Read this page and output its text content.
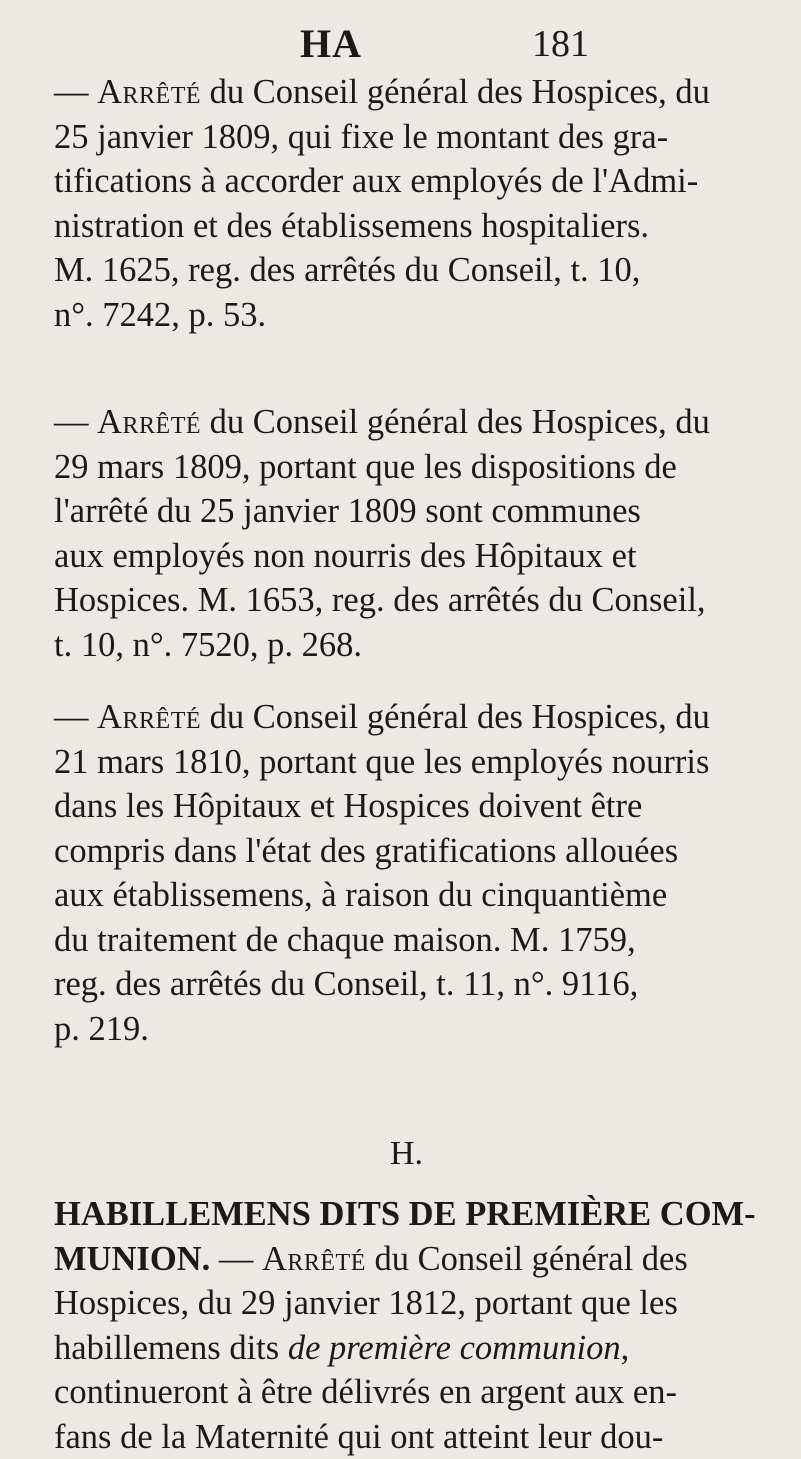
HA	181
— Arrêté du Conseil général des Hospices, du
25 janvier 1809, qui fixe le montant des gra-
tifications à accorder aux employés de l'Admi-
nistration et des établissemens hospitaliers.
M. 1625, reg. des arrêtés du Conseil, t. 10,
n°. 7242, p. 53.
— Arrêté du Conseil général des Hospices, du
29 mars 1809, portant que les dispositions de
l'arrêté du 25 janvier 1809 sont communes
aux employés non nourris des Hôpitaux et
Hospices. M. 1653, reg. des arrêtés du Conseil,
t. 10, n°. 7520, p. 268.
— Arrêté du Conseil général des Hospices, du
21 mars 1810, portant que les employés nourris
dans les Hôpitaux et Hospices doivent être
compris dans l'état des gratifications allouées
aux établissemens, à raison du cinquantième
du traitement de chaque maison. M. 1759,
reg. des arrêtés du Conseil, t. 11, n°. 9116,
p. 219.
H.
HABILLEMENS DITS DE PREMIÈRE COM-
MUNION. — Arrêté du Conseil général des
Hospices, du 29 janvier 1812, portant que les
habillemens dits de première communion,
continueront à être délivrés en argent aux en-
fans de la Maternité qui ont atteint leur dou-
